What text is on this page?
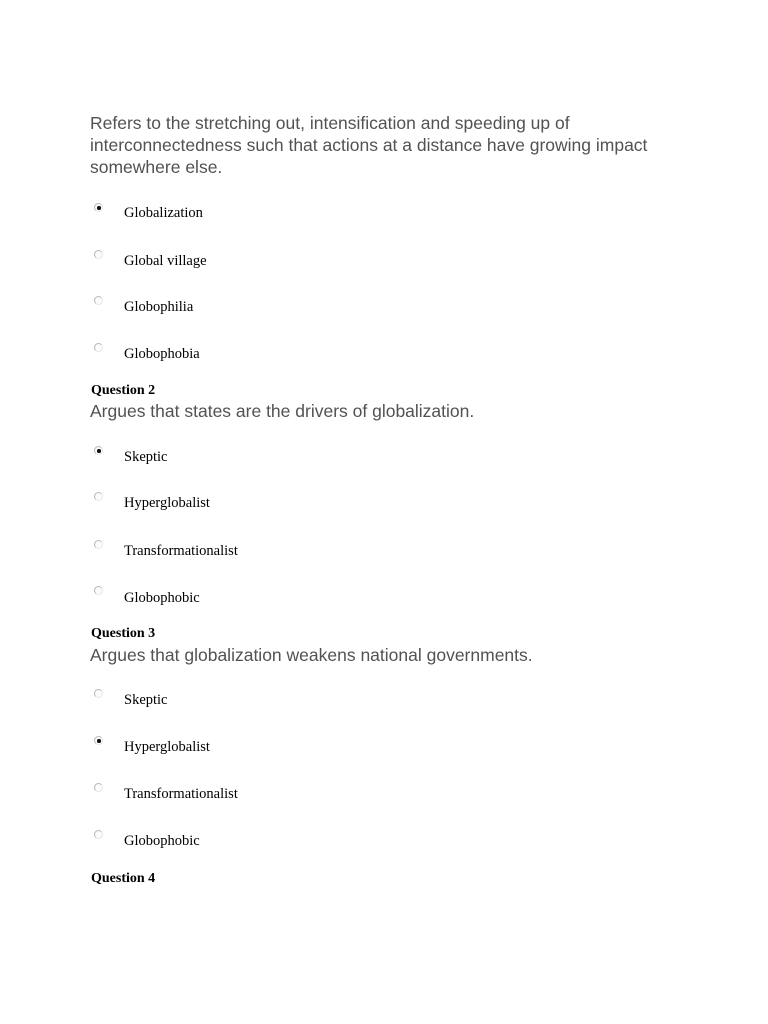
Refers to the stretching out, intensification and speeding up of interconnectedness such that actions at a distance have growing impact somewhere else.
Globalization
Global village
Globophilia
Globophobia
Question 2
Argues that states are the drivers of globalization.
Skeptic
Hyperglobalist
Transformationalist
Globophobic
Question 3
Argues that globalization weakens national governments.
Skeptic
Hyperglobalist
Transformationalist
Globophobic
Question 4
